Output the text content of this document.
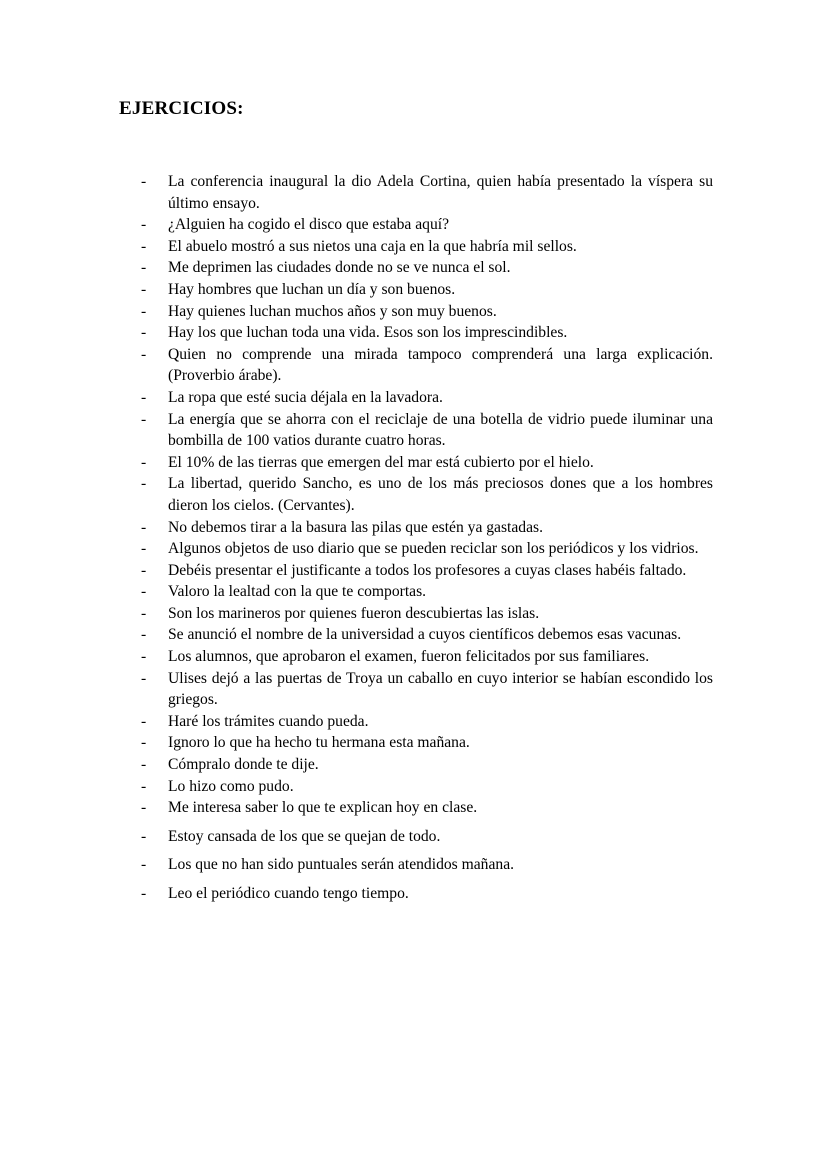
EJERCICIOS:
- La conferencia inaugural la dio Adela Cortina, quien había presentado la víspera su último ensayo.
- ¿Alguien ha cogido el disco que estaba aquí?
- El abuelo mostró a sus nietos una caja en la que habría mil sellos.
- Me deprimen las ciudades donde no se ve nunca el sol.
- Hay hombres que luchan un día y son buenos.
- Hay quienes luchan muchos años y son muy buenos.
- Hay los que luchan toda una vida. Esos son los imprescindibles.
- Quien no comprende una mirada tampoco comprenderá una larga explicación. (Proverbio árabe).
- La ropa que esté sucia déjala en la lavadora.
- La energía que se ahorra con el reciclaje de una botella de vidrio puede iluminar una bombilla de 100 vatios durante cuatro horas.
- El 10% de las tierras que emergen del mar está cubierto por el hielo.
- La libertad, querido Sancho, es uno de los más preciosos dones que a los hombres dieron los cielos. (Cervantes).
- No debemos tirar a la basura las pilas que estén ya gastadas.
- Algunos objetos de uso diario que se pueden reciclar son los periódicos y los vidrios.
- Debéis presentar el justificante a todos los profesores a cuyas clases habéis faltado.
- Valoro la lealtad con la que te comportas.
- Son los marineros por quienes fueron descubiertas las islas.
- Se anunció el nombre de la universidad a cuyos científicos debemos esas vacunas.
- Los alumnos, que aprobaron el examen, fueron felicitados por sus familiares.
- Ulises dejó a las puertas de Troya un caballo en cuyo interior se habían escondido los griegos.
- Haré los trámites cuando pueda.
- Ignoro lo que ha hecho tu hermana esta mañana.
- Cómpralo donde te dije.
- Lo hizo como pudo.
- Me interesa saber lo que te explican hoy en clase.
- Estoy cansada de los que se quejan de todo.
- Los que no han sido puntuales serán atendidos mañana.
- Leo el periódico cuando tengo tiempo.
